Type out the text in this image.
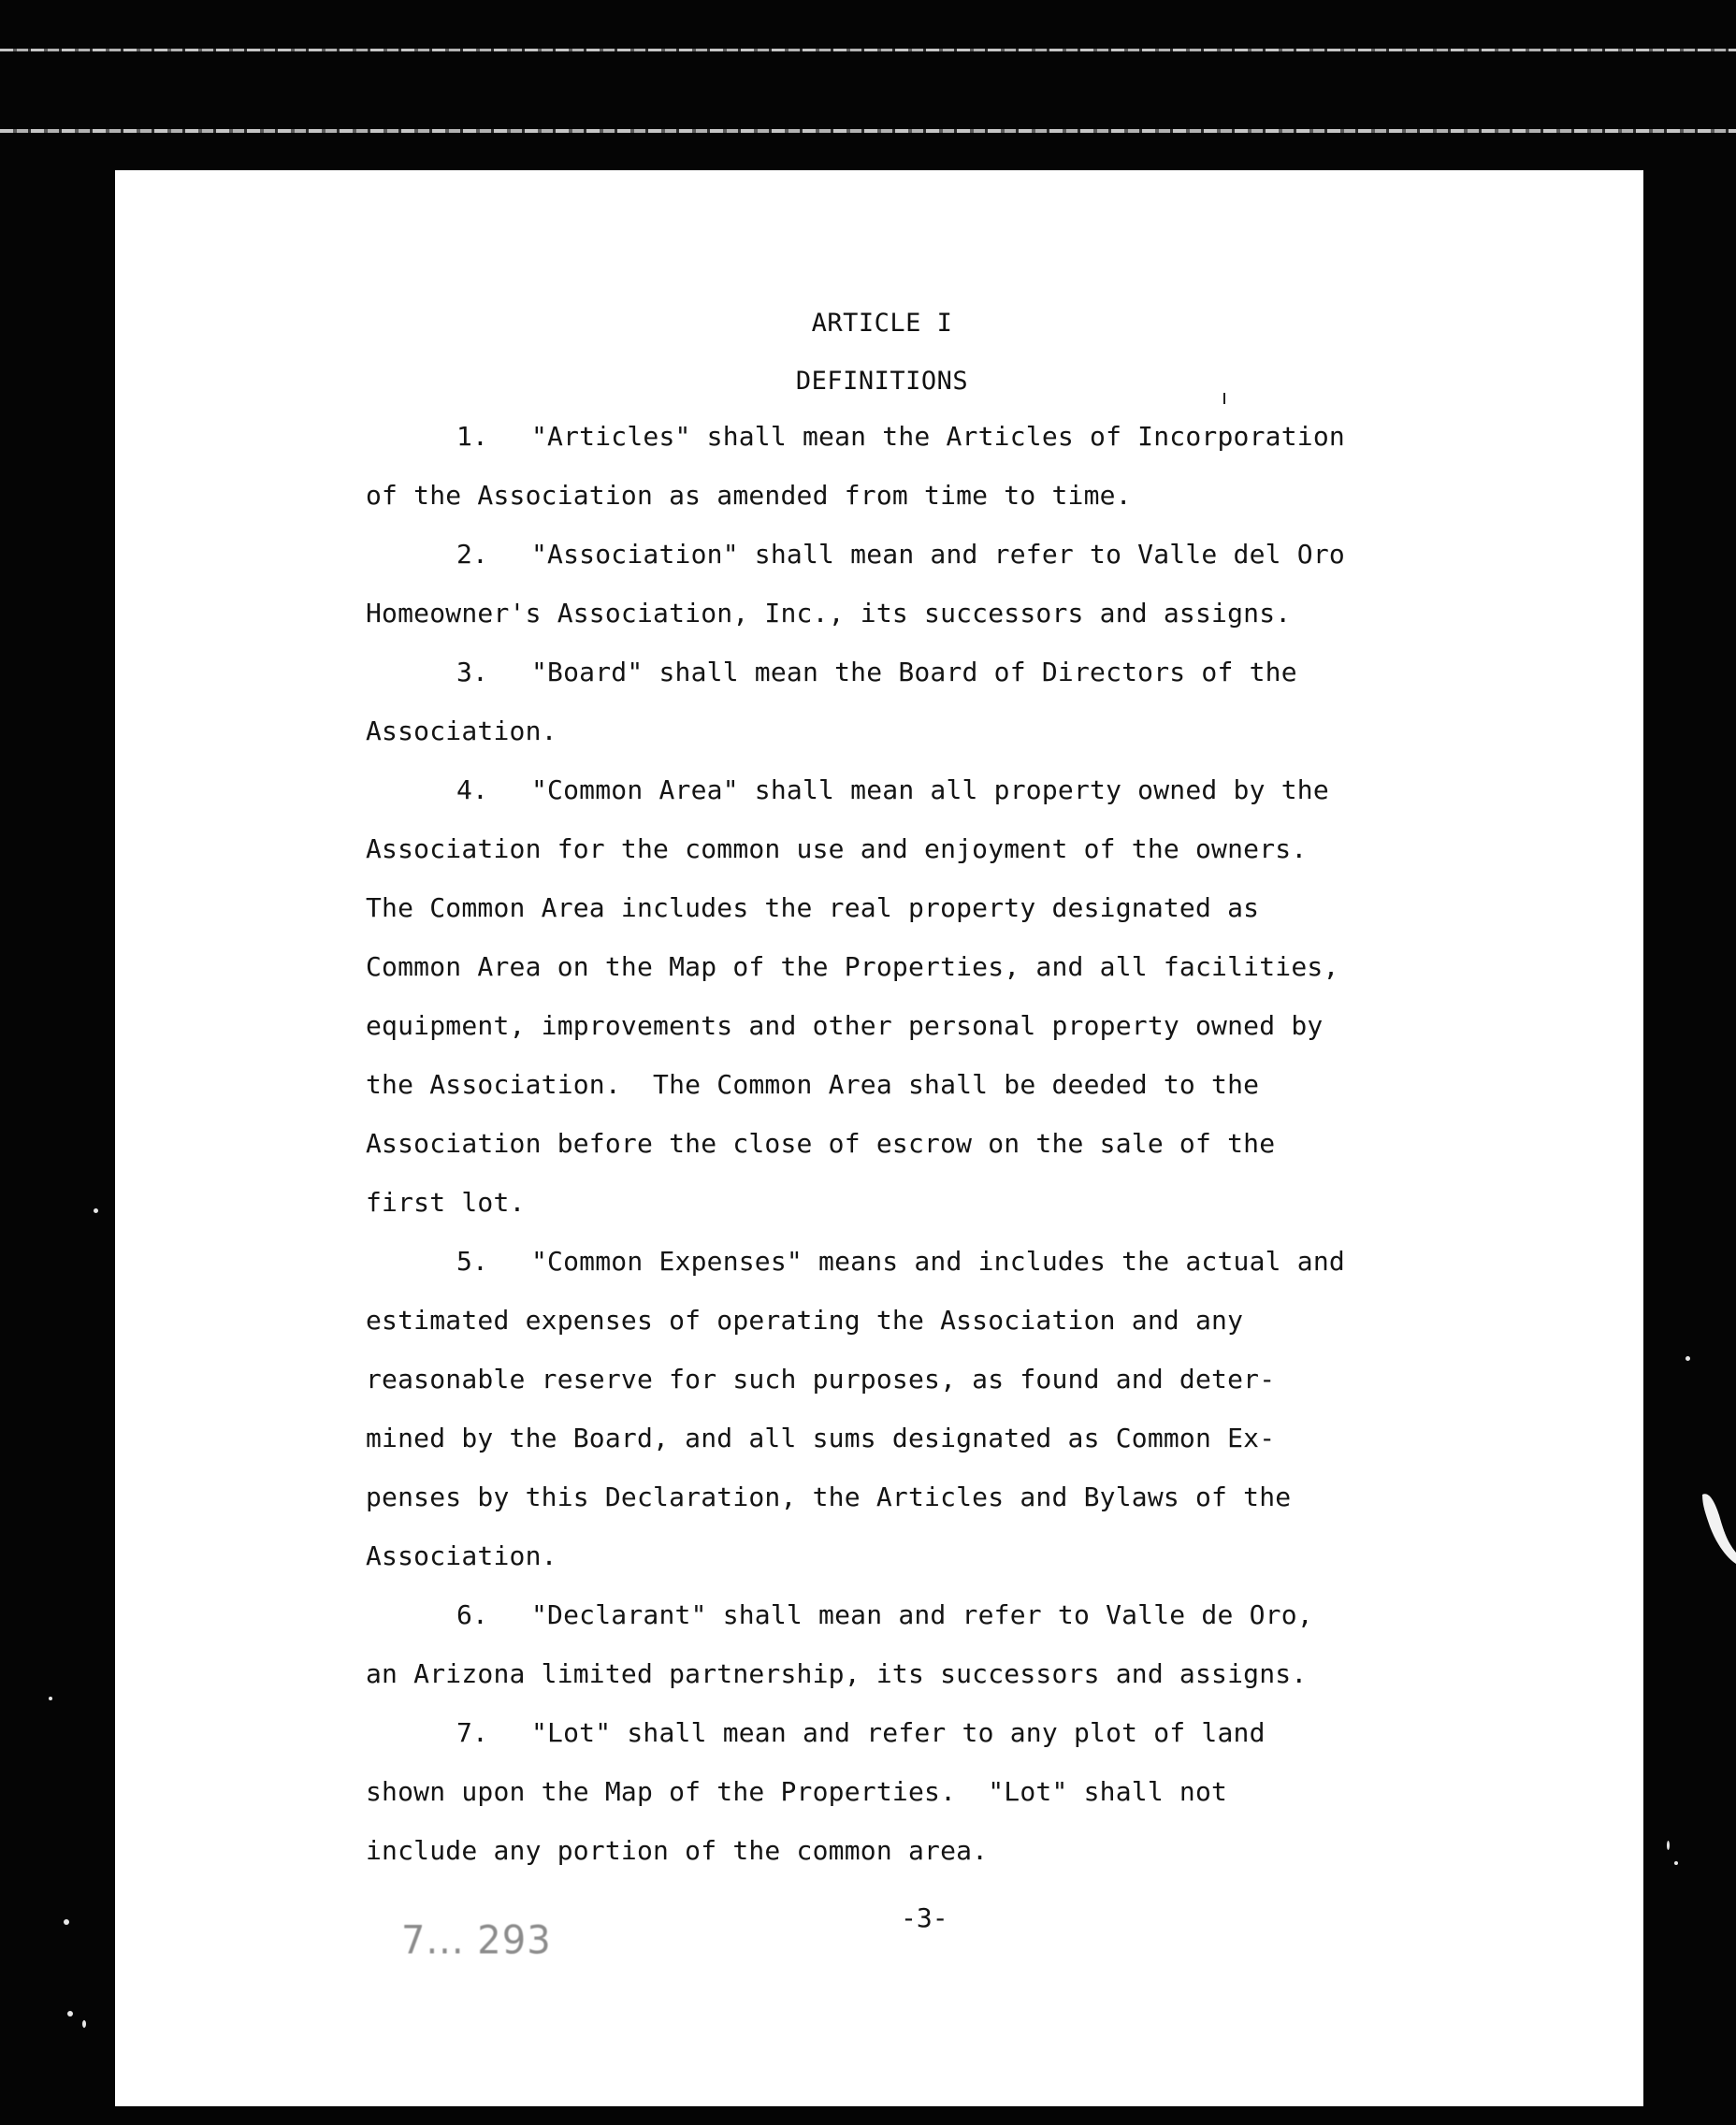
ARTICLE I
DEFINITIONS
1. "Articles" shall mean the Articles of Incorporation
of the Association as amended from time to time.
2. "Association" shall mean and refer to Valle del Oro
Homeowner's Association, Inc., its successors and assigns.
3. "Board" shall mean the Board of Directors of the
Association.
4. "Common Area" shall mean all property owned by the
Association for the common use and enjoyment of the owners.
The Common Area includes the real property designated as
Common Area on the Map of the Properties, and all facilities,
equipment, improvements and other personal property owned by
the Association.  The Common Area shall be deeded to the
Association before the close of escrow on the sale of the
first lot.
5. "Common Expenses" means and includes the actual and
estimated expenses of operating the Association and any
reasonable reserve for such purposes, as found and deter-
mined by the Board, and all sums designated as Common Ex-
penses by this Declaration, the Articles and Bylaws of the
Association.
6. "Declarant" shall mean and refer to Valle de Oro,
an Arizona limited partnership, its successors and assigns.
7. "Lot" shall mean and refer to any plot of land
shown upon the Map of the Properties.  "Lot" shall not
include any portion of the common area.
-3-
7... 293
